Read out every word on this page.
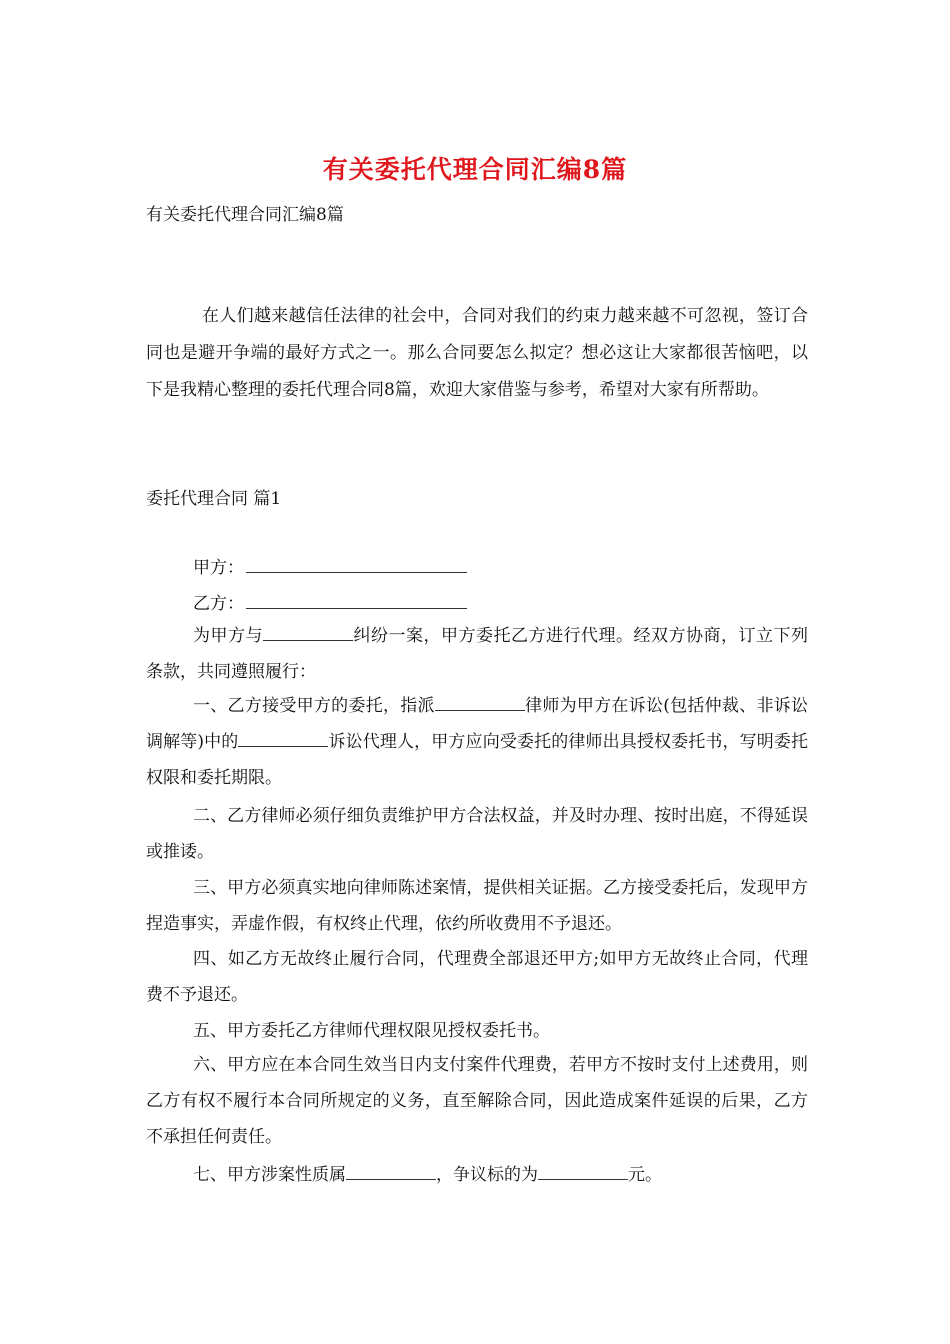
有关委托代理合同汇编8篇
有关委托代理合同汇编8篇

在人们越来越信任法律的社会中，合同对我们的约束力越来越不可忽视，签订合同也是避开争端的最好方式之一。那么合同要怎么拟定？想必这让大家都很苦恼吧，以下是我精心整理的委托代理合同8篇，欢迎大家借鉴与参考，希望对大家有所帮助。

委托代理合同 篇1
甲方：
乙方：

为甲方与	纠纷一案，甲方委托乙方进行代理。经双方协商，订立下列条款，共同遵照履行：

一、乙方接受甲方的委托，指派	律师为甲方在诉讼(包括仲裁、非诉讼调解等)中的	诉讼代理人，甲方应向受委托的律师出具授权委托书，写明委托权限和委托期限。

二、乙方律师必须仔细负责维护甲方合法权益，并及时办理、按时出庭，不得延误或推诿。

三、甲方必须真实地向律师陈述案情，提供相关证据。乙方接受委托后，发现甲方捏造事实，弄虚作假，有权终止代理，依约所收费用不予退还。

四、如乙方无故终止履行合同，代理费全部退还甲方;如甲方无故终止合同，代理费不予退还。

五、甲方委托乙方律师代理权限见授权委托书。

六、甲方应在本合同生效当日内支付案件代理费，若甲方不按时支付上述费用，则乙方有权不履行本合同所规定的义务，直至解除合同，因此造成案件延误的后果，乙方不承担任何责任。

七、甲方涉案性质属	，争议标的为	元。
